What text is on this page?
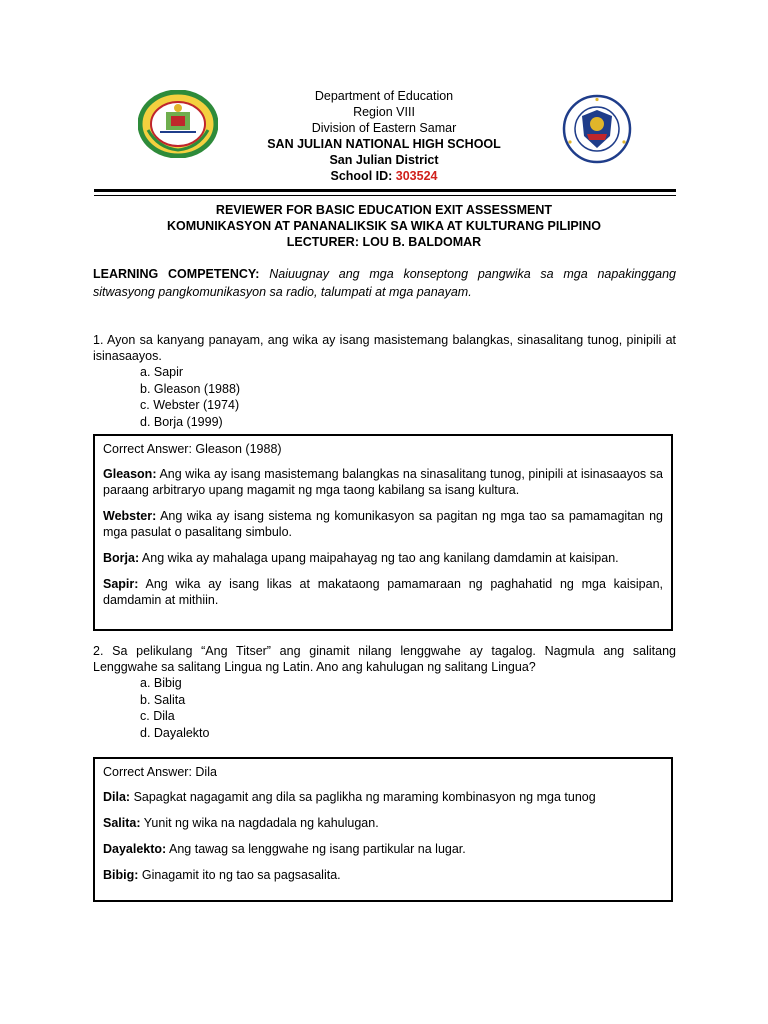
Department of Education
Region VIII
Division of Eastern Samar
SAN JULIAN NATIONAL HIGH SCHOOL
San Julian District
School ID: 303524
REVIEWER FOR BASIC EDUCATION EXIT ASSESSMENT
KOMUNIKASYON AT PANANALIKSIK SA WIKA AT KULTURANG PILIPINO
LECTURER: LOU B. BALDOMAR
LEARNING COMPETENCY: Naiuugnay ang mga konseptong pangwika sa mga napakinggang sitwasyong pangkomunikasyon sa radio, talumpati at mga panayam.
1. Ayon sa kanyang panayam, ang wika ay isang masistemang balangkas, sinasalitang tunog, pinipili at isinasaayos.
a. Sapir
b. Gleason (1988)
c. Webster (1974)
d. Borja (1999)

Correct Answer: Gleason (1988)

Gleason: Ang wika ay isang masistemang balangkas na sinasalitang tunog, pinipili at isinasaayos sa paraang arbitraryo upang magamit ng mga taong kabilang sa isang kultura.

Webster: Ang wika ay isang sistema ng komunikasyon sa pagitan ng mga tao sa pamamagitan ng mga pasulat o pasalitang simbulo.

Borja: Ang wika ay mahalaga upang maipahayag ng tao ang kanilang damdamin at kaisipan.

Sapir: Ang wika ay isang likas at makataong pamamaraan ng paghahatid ng mga kaisipan, damdamin at mithiin.

2. Sa pelikulang “Ang Titser” ang ginamit nilang lenggwahe ay tagalog. Nagmula ang salitang Lenggwahe sa salitang Lingua ng Latin. Ano ang kahulugan ng salitang Lingua?
a. Bibig
b. Salita
c. Dila
d. Dayalekto

Correct Answer: Dila

Dila: Sapagkat nagagamit ang dila sa paglikha ng maraming kombinasyon ng mga tunog

Salita: Yunit ng wika na nagdadala ng kahulugan.

Dayalekto: Ang tawag sa lenggwahe ng isang partikular na lugar.

Bibig: Ginagamit ito ng tao sa pagsasalita.
